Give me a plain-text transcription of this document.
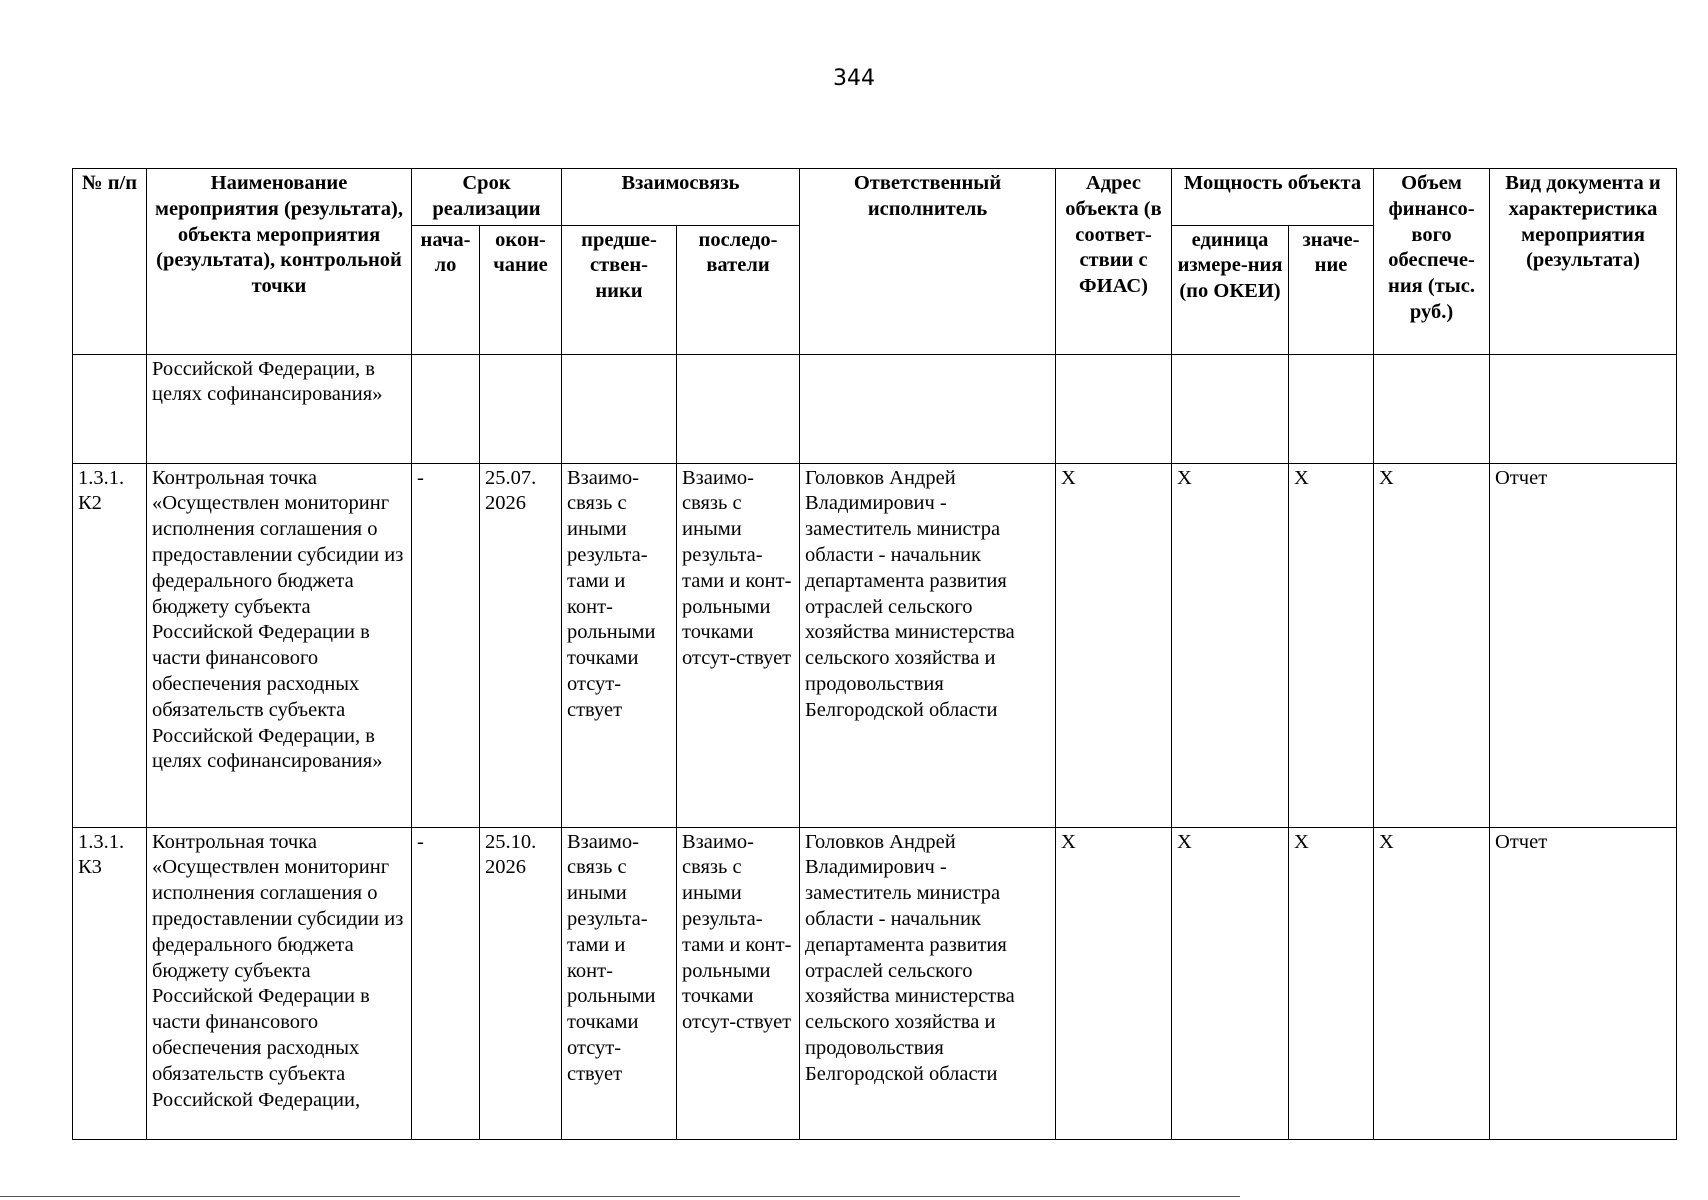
344
№ п/п	Наименование мероприятия (результата), объекта мероприятия (результата), контрольной точки	Срок реализации		Взаимосвязь		Ответственный исполнитель	Адрес объекта (в соответ-ствии с ФИАС)	Мощность объекта		Объем финансо-вого обеспече-ния (тыс. руб.)	Вид документа и характеристика мероприятия (результата)
		нача-ло	окон-чание	предше-ствен-ники	последо-ватели			единица измере-ния (по ОКЕИ)	значе-ние		
	Российской Федерации, в целях софинансирования»										
1.3.1. К2	Контрольная точка «Осуществлен мониторинг исполнения соглашения о предоставлении субсидии из федерального бюджета бюджету субъекта Российской Федерации в части финансового обеспечения расходных обязательств субъекта Российской Федерации, в целях софинансирования»	-	25.07. 2026	Взаимо-связь с иными результа-тами и конт-рольными точками отсут-ствует	Взаимо-связь с иными результа-тами и конт-рольными точками отсут-ствует	Головков Андрей Владимирович - заместитель министра области - начальник департамента развития отраслей сельского хозяйства министерства сельского хозяйства и продовольствия Белгородской области	X	X	X	X	Отчет
1.3.1. К3	Контрольная точка «Осуществлен мониторинг исполнения соглашения о предоставлении субсидии из федерального бюджета бюджету субъекта Российской Федерации в части финансового обеспечения расходных обязательств субъекта Российской Федерации,	-	25.10. 2026	Взаимо-связь с иными результа-тами и конт-рольными точками отсут-ствует	Взаимо-связь с иными результа-тами и конт-рольными точками отсут-ствует	Головков Андрей Владимирович - заместитель министра области - начальник департамента развития отраслей сельского хозяйства министерства сельского хозяйства и продовольствия Белгородской области	X	X	X	X	Отчет
